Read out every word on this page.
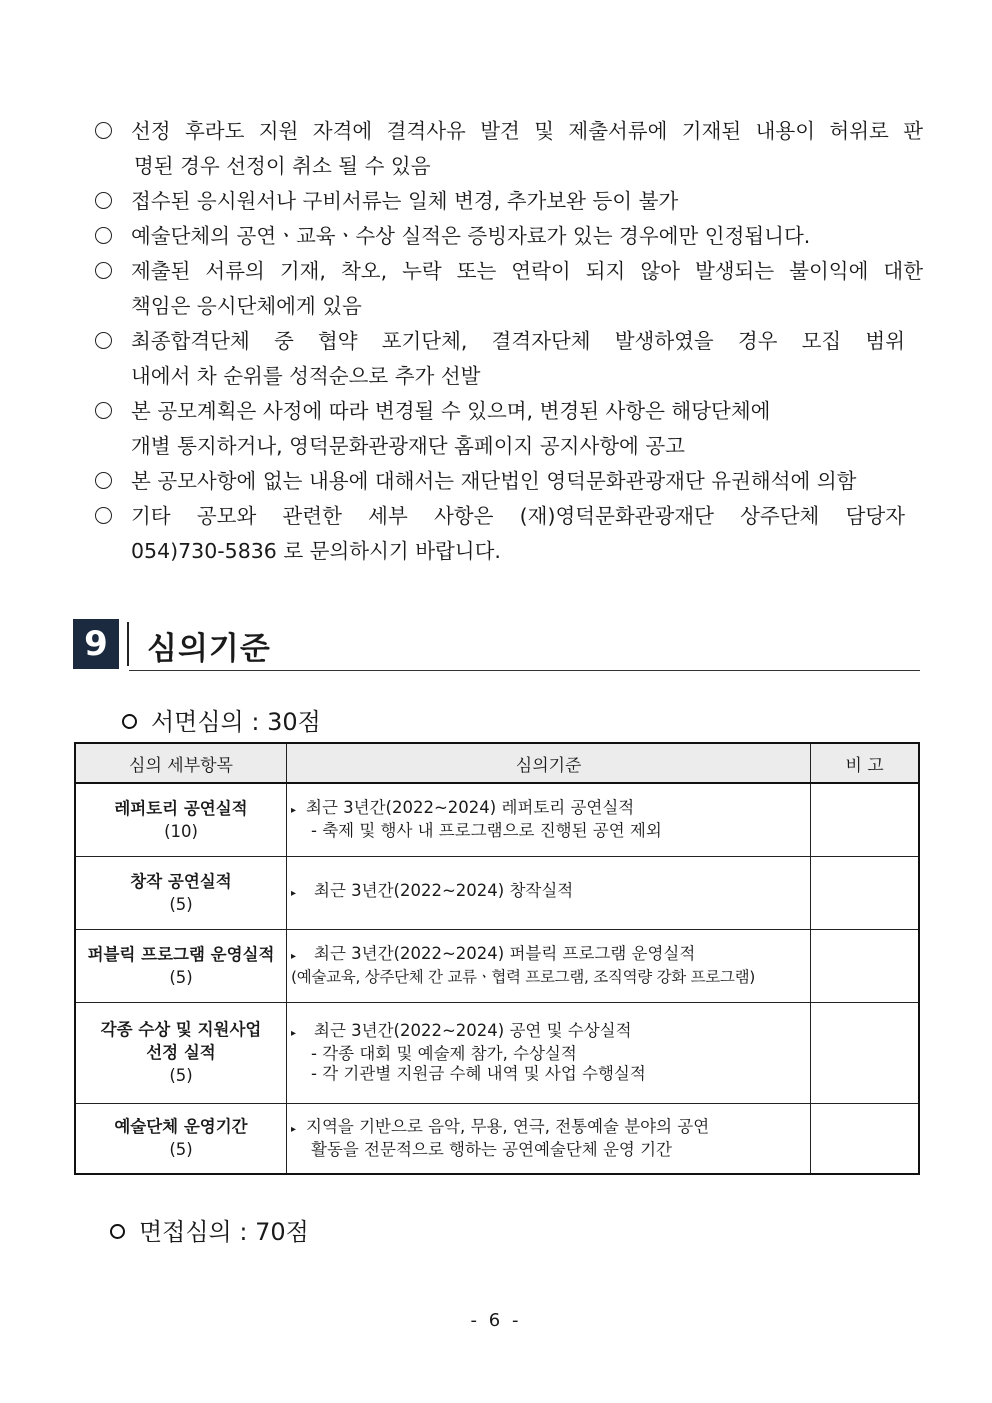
선정 후라도 지원 자격에 결격사유 발견 및 제출서류에 기재된 내용이 허위로 판
명된 경우 선정이 취소 될 수 있음
접수된 응시원서나 구비서류는 일체 변경, 추가보완 등이 불가
예술단체의 공연ㆍ교육ㆍ수상 실적은 증빙자료가 있는 경우에만 인정됩니다.
제출된 서류의 기재, 착오, 누락 또는 연락이 되지 않아 발생되는 불이익에 대한
책임은 응시단체에게 있음
최종합격단체 중 협약 포기단체, 결격자단체 발생하였을 경우 모집 범위
내에서 차 순위를 성적순으로 추가 선발
본 공모계획은 사정에 따라 변경될 수 있으며, 변경된 사항은 해당단체에
개별 통지하거나, 영덕문화관광재단 홈페이지 공지사항에 공고
본 공모사항에 없는 내용에 대해서는 재단법인 영덕문화관광재단 유권해석에 의함
기타 공모와 관련한 세부 사항은 (재)영덕문화관광재단 상주단체 담당자
054)730-5836 로 문의하시기 바랍니다.
9	심의기준
서면심의 : 30점
심의 세부항목	심의기준	비 고

레퍼토리 공연실적
(10)	▸ 최근 3년간(2022~2024) 레퍼토리 공연실적
- 축제 및 행사 내 프로그램으로 진행된 공연 제외	

창작 공연실적
(5)	▸ 최근 3년간(2022~2024) 창작실적	

퍼블릭 프로그램 운영실적
(5)	▸ 최근 3년간(2022~2024) 퍼블릭 프로그램 운영실적
(예술교육, 상주단체 간 교류ㆍ협력 프로그램, 조직역량 강화 프로그램)	

각종 수상 및 지원사업
선정 실적
(5)	▸ 최근 3년간(2022~2024) 공연 및 수상실적
- 각종 대회 및 예술제 참가, 수상실적
- 각 기관별 지원금 수혜 내역 및 사업 수행실적	

예술단체 운영기간
(5)	▸ 지역을 기반으로 음악, 무용, 연극, 전통예술 분야의 공연
활동을 전문적으로 행하는 공연예술단체 운영 기간	

면접심의 : 70점
- 6 -
